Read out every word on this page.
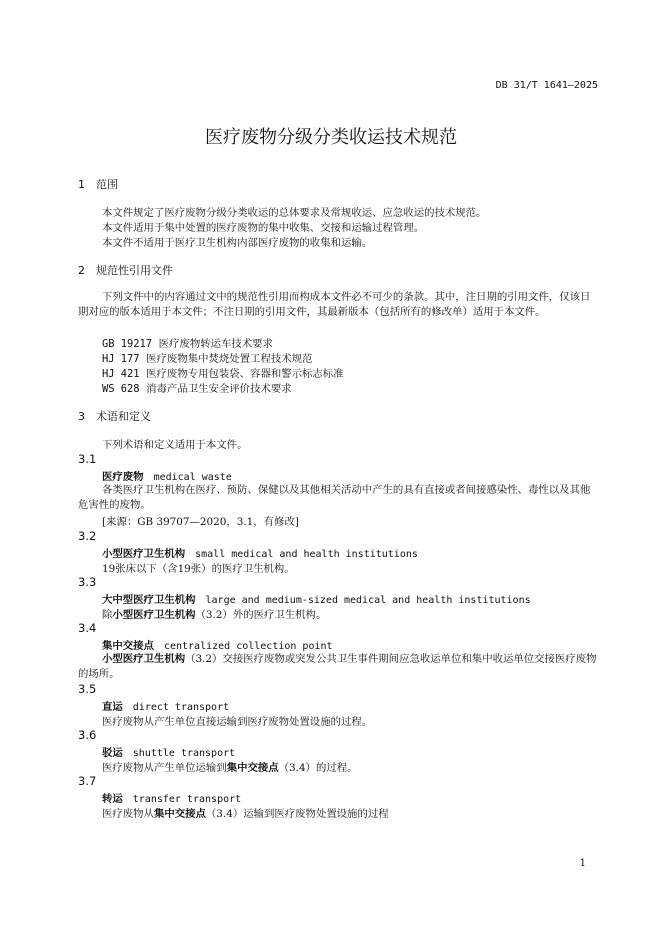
DB 31/T 1641—2025
医疗废物分级分类收运技术规范
1 范围
本文件规定了医疗废物分级分类收运的总体要求及常规收运、应急收运的技术规范。
本文件适用于集中处置的医疗废物的集中收集、交接和运输过程管理。
本文件不适用于医疗卫生机构内部医疗废物的收集和运输。
2 规范性引用文件
下列文件中的内容通过文中的规范性引用而构成本文件必不可少的条款。其中，注日期的引用文件，仅该日期对应的版本适用于本文件；不注日期的引用文件，其最新版本（包括所有的修改单）适用于本文件。
GB 19217 医疗废物转运车技术要求
HJ 177 医疗废物集中焚烧处置工程技术规范
HJ 421 医疗废物专用包装袋、容器和警示标志标准
WS 628 消毒产品卫生安全评价技术要求
3 术语和定义
下列术语和定义适用于本文件。
3.1
医疗废物 medical waste
各类医疗卫生机构在医疗、预防、保健以及其他相关活动中产生的具有直接或者间接感染性、毒性以及其他危害性的废物。
[来源：GB 39707—2020，3.1，有修改]
3.2
小型医疗卫生机构 small medical and health institutions
19张床以下（含19张）的医疗卫生机构。
3.3
大中型医疗卫生机构 large and medium-sized medical and health institutions
除小型医疗卫生机构（3.2）外的医疗卫生机构。
3.4
集中交接点 centralized collection point
小型医疗卫生机构（3.2）交接医疗废物或突发公共卫生事件期间应急收运单位和集中收运单位交接医疗废物的场所。
3.5
直运 direct transport
医疗废物从产生单位直接运输到医疗废物处置设施的过程。
3.6
驳运 shuttle transport
医疗废物从产生单位运输到集中交接点（3.4）的过程。
3.7
转运 transfer transport
医疗废物从集中交接点（3.4）运输到医疗废物处置设施的过程
1
